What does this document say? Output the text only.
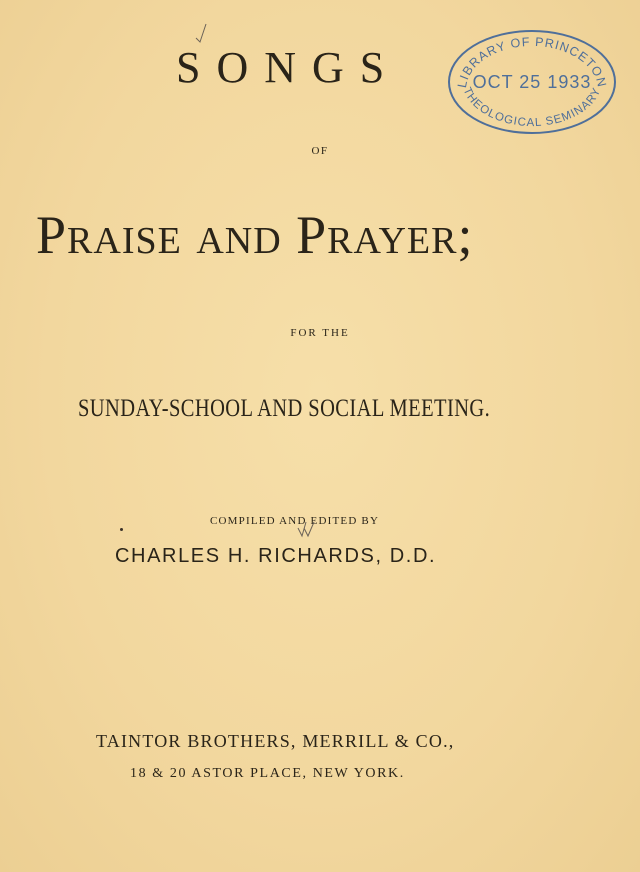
SONGS
OF
Praise and Prayer;
FOR THE
SUNDAY-SCHOOL AND SOCIAL MEETING.
COMPILED AND EDITED BY
CHARLES H. RICHARDS, D.D.
TAINTOR BROTHERS, MERRILL & CO.,
18 & 20 ASTOR PLACE, NEW YORK.
LIBRARY OF PRINCETON
OCT 25 1933
THEOLOGICAL SEMINARY
